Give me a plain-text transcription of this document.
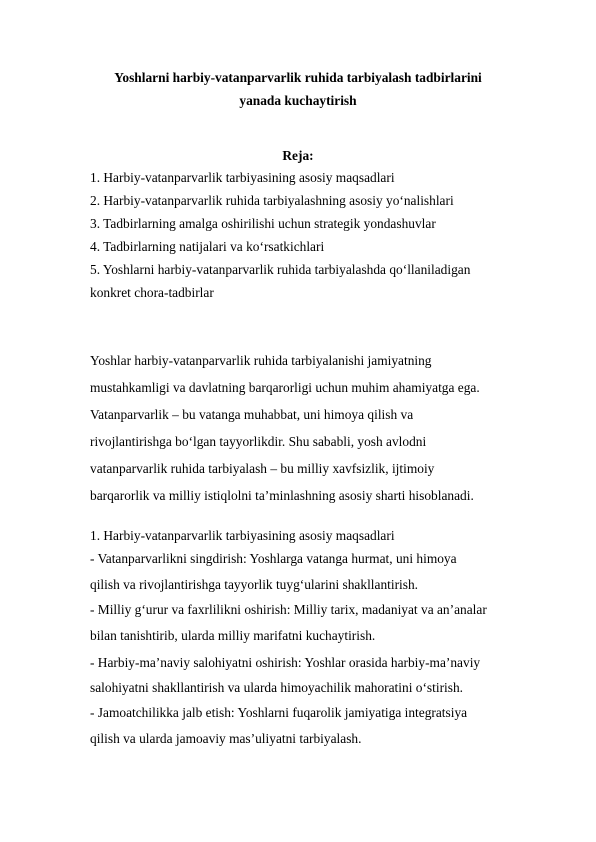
Yoshlarni harbiy-vatanparvarlik ruhida tarbiyalash tadbirlarini
yanada kuchaytirish
Reja:
1. Harbiy-vatanparvarlik tarbiyasining asosiy maqsadlari
2. Harbiy-vatanparvarlik ruhida tarbiyalashning asosiy yo‘nalishlari
3. Tadbirlarning amalga oshirilishi uchun strategik yondashuvlar
4. Tadbirlarning natijalari va ko‘rsatkichlari
5. Yoshlarni harbiy-vatanparvarlik ruhida tarbiyalashda qo‘llaniladigan
konkret chora-tadbirlar
Yoshlar harbiy-vatanparvarlik ruhida tarbiyalanishi jamiyatning
mustahkamligi va davlatning barqarorligi uchun muhim ahamiyatga ega.
Vatanparvarlik – bu vatanga muhabbat, uni himoya qilish va
rivojlantirishga bo‘lgan tayyorlikdir. Shu sababli, yosh avlodni
vatanparvarlik ruhida tarbiyalash – bu milliy xavfsizlik, ijtimoiy
barqarorlik va milliy istiqlolni ta’minlashning asosiy sharti hisoblanadi.
1. Harbiy-vatanparvarlik tarbiyasining asosiy maqsadlari
- Vatanparvarlikni singdirish: Yoshlarga vatanga hurmat, uni himoya
qilish va rivojlantirishga tayyorlik tuyg‘ularini shakllantirish.
- Milliy g‘urur va faxrlilikni oshirish: Milliy tarix, madaniyat va an’analar
bilan tanishtirib, ularda milliy marifatni kuchaytirish.
- Harbiy-ma’naviy salohiyatni oshirish: Yoshlar orasida harbiy-ma’naviy
salohiyatni shakllantirish va ularda himoyachilik mahoratini o‘stirish.
- Jamoatchilikka jalb etish: Yoshlarni fuqarolik jamiyatiga integratsiya
qilish va ularda jamoaviy mas’uliyatni tarbiyalash.
